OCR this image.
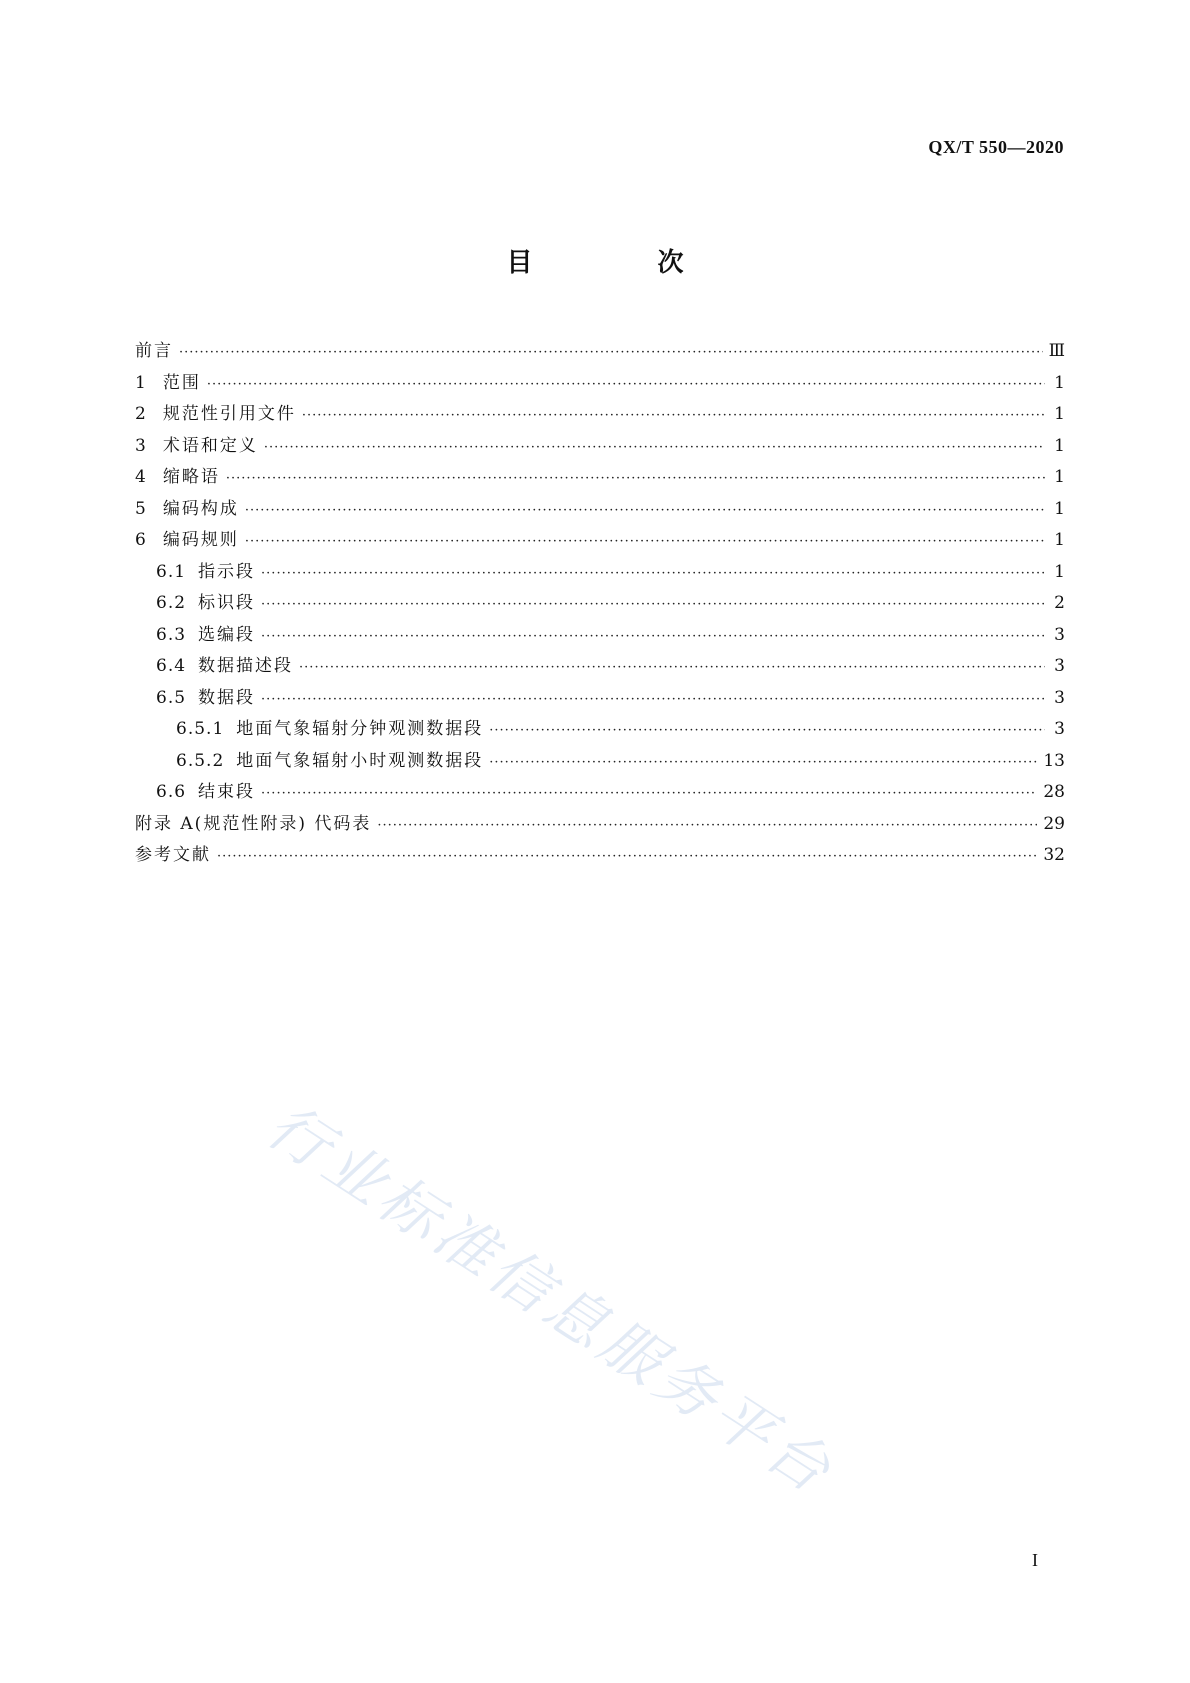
QX/T 550—2020
目 次
前言 ·····	Ⅲ
1 范围 ·····	1
2 规范性引用文件 ·····	1
3 术语和定义 ·····	1
4 缩略语 ·····	1
5 编码构成 ·····	1
6 编码规则 ·····	1
6.1 指示段 ·····	1
6.2 标识段 ·····	2
6.3 选编段 ·····	3
6.4 数据描述段 ·····	3
6.5 数据段 ·····	3
6.5.1 地面气象辐射分钟观测数据段 ·····	3
6.5.2 地面气象辐射小时观测数据段 ·····	13
6.6 结束段 ·····	28
附录 A(规范性附录) 代码表 ·····	29
参考文献 ·····	32
行业标准信息服务平台
I
